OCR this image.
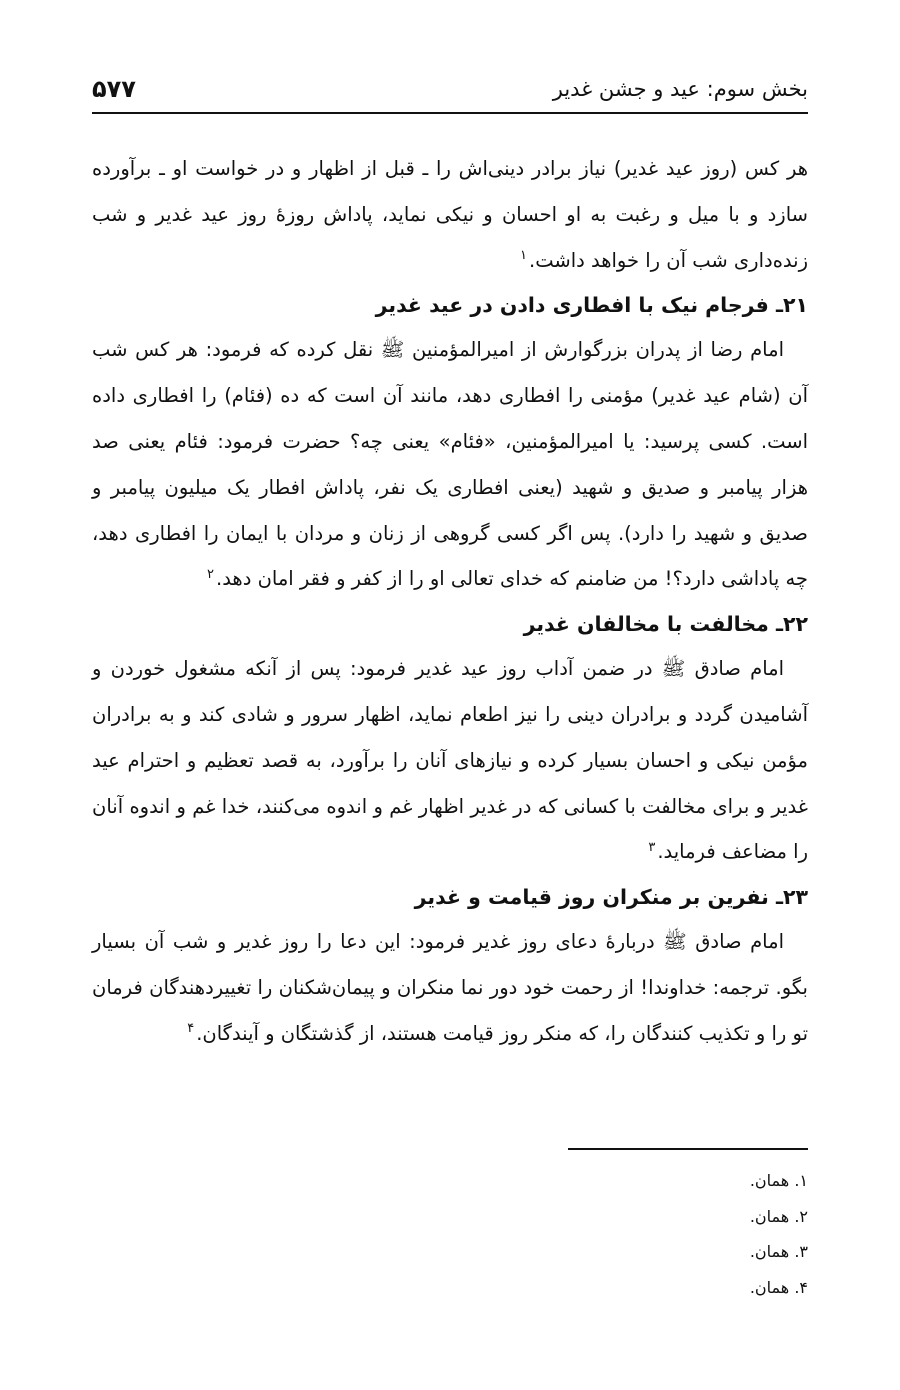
بخش سوم: عید و جشن غدیر
۵۷۷

هر کس (روز عید غدیر) نیاز برادر دینی‌اش را ـ قبل از اظهار و در خواست او ـ برآورده سازد و با میل و رغبت به او احسان و نیکی نماید، پاداش روزهٔ روز عید غدیر و شب زنده‌داری شب آن را خواهد داشت.$^۱$

۲۱ـ فرجام نیک با افطاری دادن در عید غدیر

امام رضا از پدران بزرگوارش از امیرالمؤمنین ﷺ نقل کرده که فرمود: هر کس شب آن (شام عید غدیر) مؤمنی را افطاری دهد، مانند آن است که ده (فئام) را افطاری داده است. کسی پرسید: یا امیرالمؤمنین، «فئام» یعنی چه؟ حضرت فرمود: فئام یعنی صد هزار پیامبر و صدیق و شهید (یعنی افطاری یک نفر، پاداش افطار یک میلیون پیامبر و صدیق و شهید را دارد). پس اگر کسی گروهی از زنان و مردان با ایمان را افطاری دهد، چه پاداشی دارد؟! من ضامنم که خدای تعالی او را از کفر و فقر امان دهد.$^۲$

۲۲ـ مخالفت با مخالفان غدیر

امام صادق ﷺ در ضمن آداب روز عید غدیر فرمود: پس از آنکه مشغول خوردن و آشامیدن گردد و برادران دینی را نیز اطعام نماید، اظهار سرور و شادی کند و به برادران مؤمن نیکی و احسان بسیار کرده و نیازهای آنان را برآورد، به قصد تعظیم و احترام عید غدیر و برای مخالفت با کسانی که در غدیر اظهار غم و اندوه می‌کنند، خدا غم و اندوه آنان را مضاعف فرماید.$^۳$

۲۳ـ نفرین بر منکران روز قیامت و غدیر

امام صادق ﷺ دربارهٔ دعای روز غدیر فرمود: این دعا را روز غدیر و شب آن بسیار بگو. ترجمه: خداوندا! از رحمت خود دور نما منکران و پیمان‌شکنان را تغییردهندگان فرمان تو را و تکذیب کنندگان را، که منکر روز قیامت هستند، از گذشتگان و آیندگان.$^۴$

۱. همان.
۲. همان.
۳. همان.
۴. همان.
